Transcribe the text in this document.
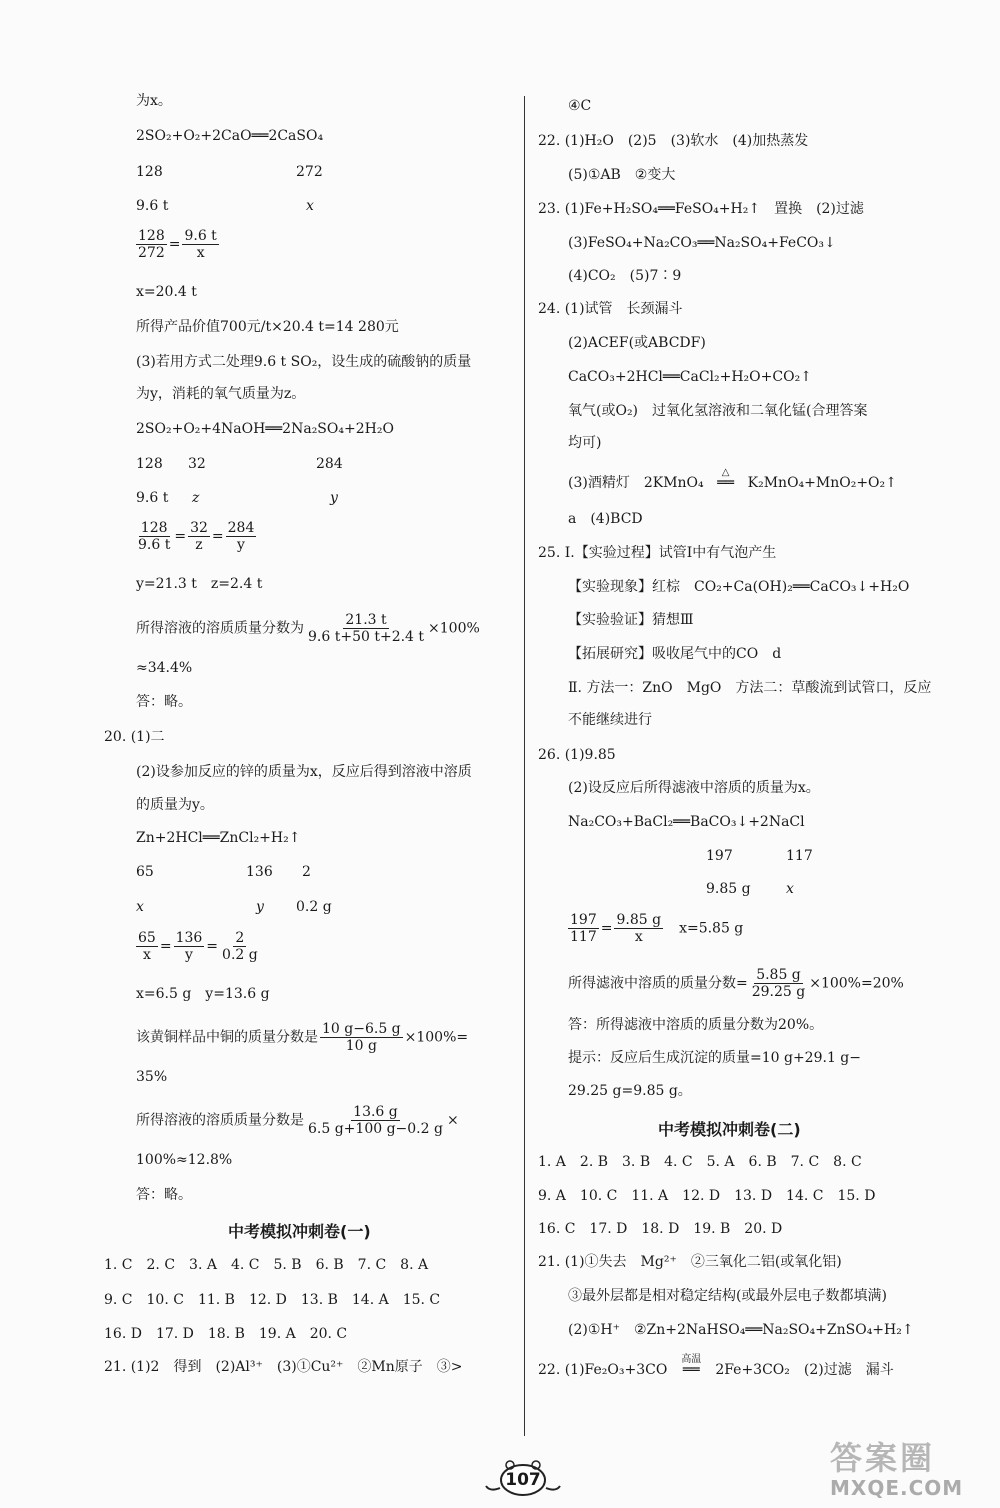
为x。
2SO₂+O₂+2CaO══2CaSO₄
128	272
9.6 t	x
$\frac{128}{272} = \frac{9.6 t}{x}$
x=20.4 t
所得产品价值700元/t×20.4 t=14 280元
(3)若用方式二处理9.6 t SO₂，设生成的硫酸钠的质量
为y，消耗的氧气质量为z。
2SO₂+O₂+4NaOH══2Na₂SO₄+2H₂O
128 32	284
9.6 t z	y
$\frac{128}{9.6 t} = \frac{32}{z} = \frac{284}{y}$
y=21.3 t　z=2.4 t
所得溶液的溶质质量分数为 $\frac{21.3 t}{9.6 t+50 t+2.4 t} \times 100\%$
≈34.4%
答：略。
20. (1)二
(2)设参加反应的锌的质量为x，反应后得到溶液中溶质
的质量为y。
Zn+2HCl══ZnCl₂+H₂↑
65	136 2
x	y 0.2 g
$\frac{65}{x} = \frac{136}{y} = \frac{2}{0.2 g}$
x=6.5 g　y=13.6 g
该黄铜样品中铜的质量分数是 $\frac{10 g-6.5 g}{10 g} \times 100\%=$
35%
所得溶液的溶质质量分数是 $\frac{13.6 g}{6.5 g+100 g-0.2 g}$ ×
100%≈12.8%
答：略。
中考模拟冲刺卷(一)
1. C　2. C　3. A　4. C　5. B　6. B　7. C　8. A
9. C　10. C　11. B　12. D　13. B　14. A　15. C
16. D　17. D　18. B　19. A　20. C
21. (1)2　得到　(2)Al³⁺　(3)①Cu²⁺　②Mn原子　③>
④C
22. (1)H₂O　(2)5　(3)软水　(4)加热蒸发
(5)①AB　②变大
23. (1)Fe+H₂SO₄══FeSO₄+H₂↑　置换　(2)过滤
(3)FeSO₄+Na₂CO₃══Na₂SO₄+FeCO₃↓
(4)CO₂　(5)7∶9
24. (1)试管　长颈漏斗
(2)ACEF(或ABCDF)
CaCO₃+2HCl══CaCl₂+H₂O+CO₂↑
氧气(或O₂)　过氧化氢溶液和二氧化锰(合理答案
均可)
(3)酒精灯　2KMnO₄
△
══ K₂MnO₄+MnO₂+O₂↑
a　(4)BCD
25. Ⅰ.【实验过程】试管Ⅰ中有气泡产生
【实验现象】红棕　CO₂+Ca(OH)₂══CaCO₃↓+H₂O
【实验验证】猜想Ⅲ
【拓展研究】吸收尾气中的CO　d
Ⅱ. 方法一：ZnO　MgO　方法二：草酸流到试管口，反应
不能继续进行
26. (1)9.85
(2)设反应后所得滤液中溶质的质量为x。
Na₂CO₃+BaCl₂══BaCO₃↓+2NaCl
197	117
9.85 g	x
$\frac{197}{117} = \frac{9.85 g}{x}$
　 x=5.85 g
所得滤液中溶质的质量分数= $\frac{5.85 g}{29.25 g} \times 100\%=20\%$
答：所得滤液中溶质的质量分数为20%。
提示：反应后生成沉淀的质量=10 g+29.1 g−
29.25 g=9.85 g。
中考模拟冲刺卷(二)
1. A　2. B　3. B　4. C　5. A　6. B　7. C　8. C
9. A　10. C　11. A　12. D　13. D　14. C　15. D
16. C　17. D　18. D　19. B　20. D
21. (1)①失去　Mg²⁺　②三氧化二铝(或氧化铝)
③最外层都是相对稳定结构(或最外层电子数都填满)
(2)①H⁺　②Zn+2NaHSO₄══Na₂SO₄+ZnSO₄+H₂↑
22. (1)Fe₂O₃+3CO
高温
══ 2Fe+3CO₂　(2)过滤　漏斗
107
答案圈
MXQE.COM
